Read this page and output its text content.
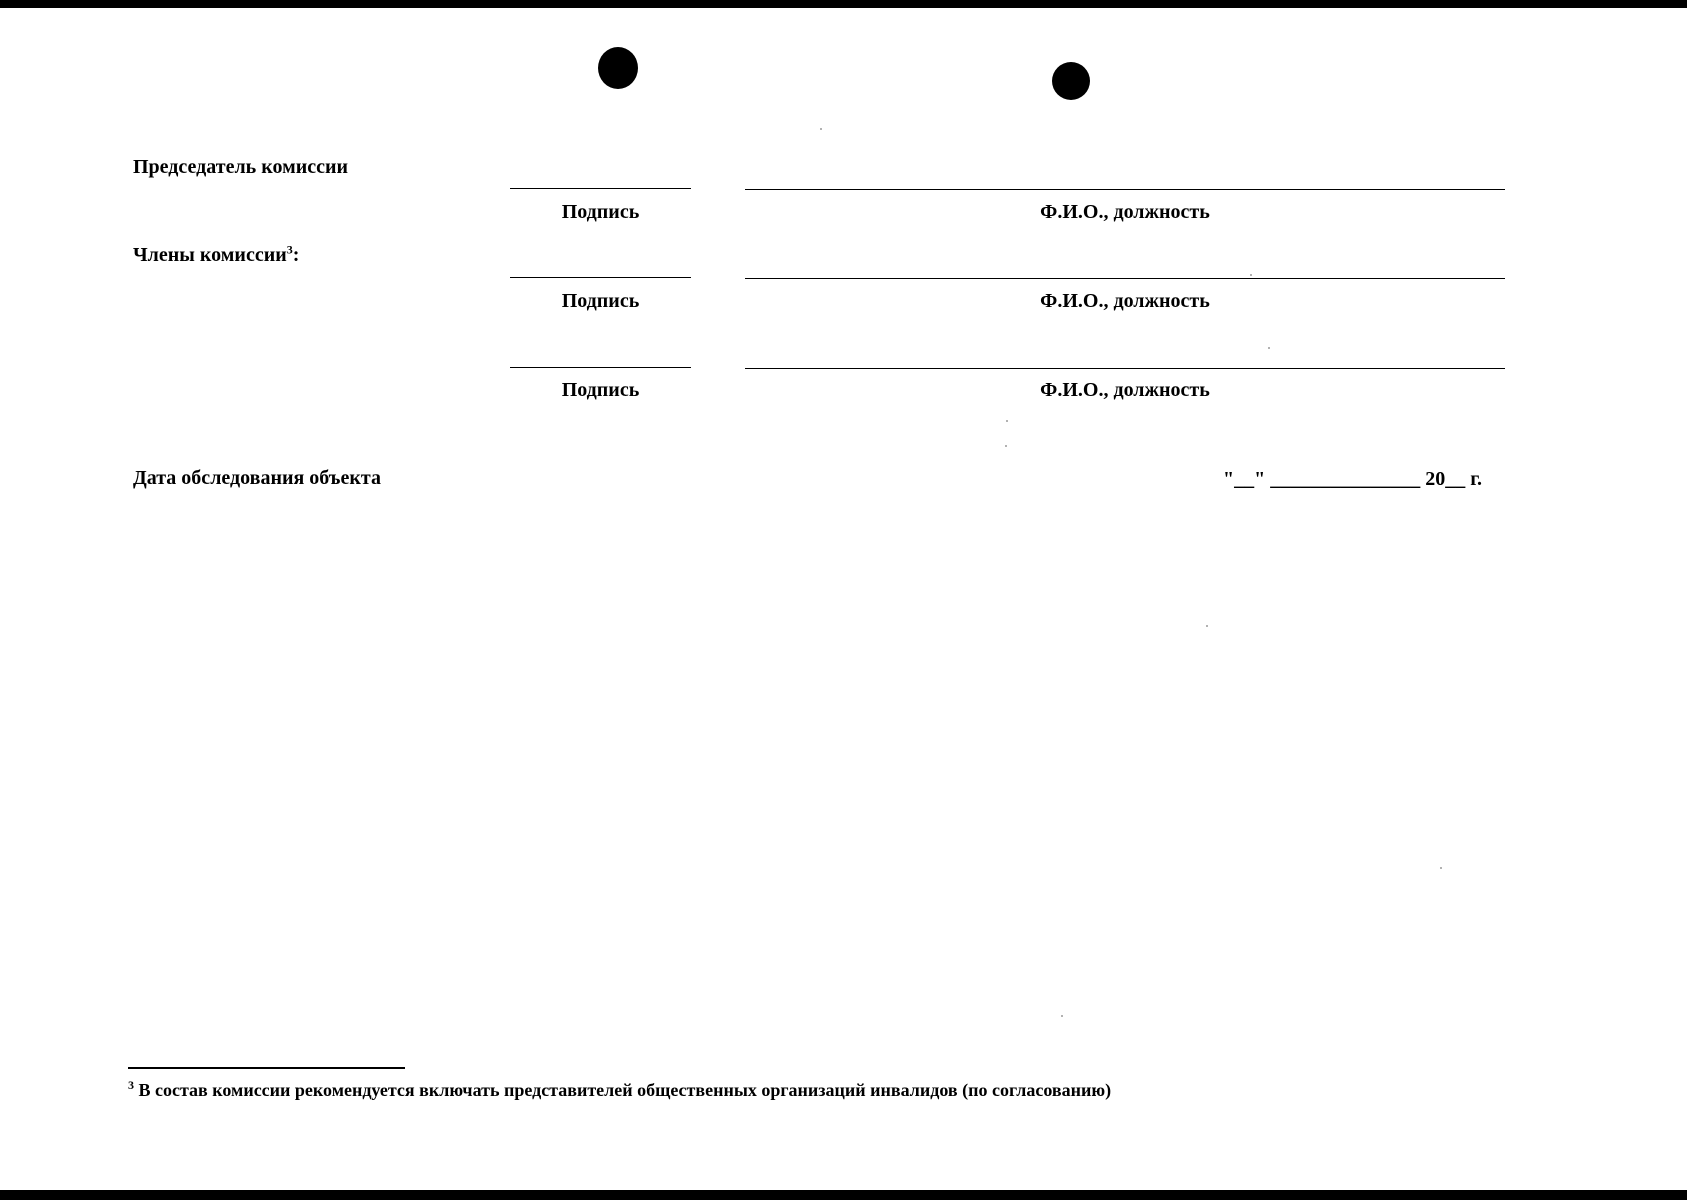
Председатель комиссии
Подпись	Ф.И.О., должность
Члены комиссии$^3$:
Подпись	Ф.И.О., должность
Подпись	Ф.И.О., должность
Дата обследования объекта	"__" _______________ 20__ г.
$^3$ В состав комиссии рекомендуется включать представителей общественных организаций инвалидов (по согласованию)
